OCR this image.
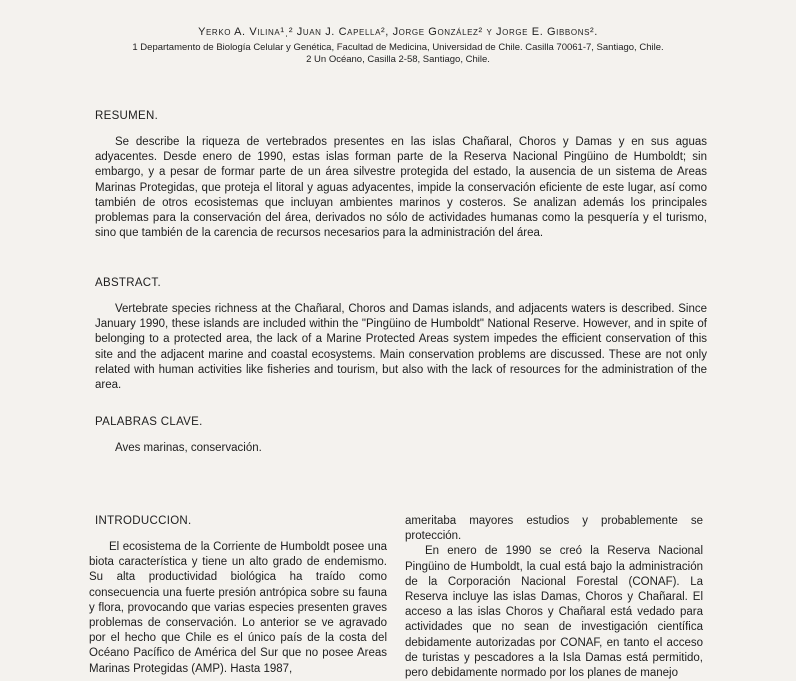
Yerko A. Vilina¹ˌ² Juan J. Capella², Jorge González² y Jorge E. Gibbons².
1 Departamento de Biología Celular y Genética, Facultad de Medicina, Universidad de Chile. Casilla 70061-7, Santiago, Chile.
2 Un Océano, Casilla 2-58, Santiago, Chile.
RESUMEN.
Se describe la riqueza de vertebrados presentes en las islas Chañaral, Choros y Damas y en sus aguas adyacentes. Desde enero de 1990, estas islas forman parte de la Reserva Nacional Pingüino de Humboldt; sin embargo, y a pesar de formar parte de un área silvestre protegida del estado, la ausencia de un sistema de Areas Marinas Protegidas, que proteja el litoral y aguas adyacentes, impide la conservación eficiente de este lugar, así como también de otros ecosistemas que incluyan ambientes marinos y costeros. Se analizan además los principales problemas para la conservación del área, derivados no sólo de actividades humanas como la pesquería y el turismo, sino que también de la carencia de recursos necesarios para la administración del área.
ABSTRACT.
Vertebrate species richness at the Chañaral, Choros and Damas islands, and adjacents waters is described. Since January 1990, these islands are included within the "Pingüino de Humboldt" National Reserve. However, and in spite of belonging to a protected area, the lack of a Marine Protected Areas system impedes the efficient conservation of this site and the adjacent marine and coastal ecosystems. Main conservation problems are discussed. These are not only related with human activities like fisheries and tourism, but also with the lack of resources for the administration of the area.
PALABRAS CLAVE.
Aves marinas, conservación.
INTRODUCCION.

El ecosistema de la Corriente de Humboldt posee una biota característica y tiene un alto grado de endemismo. Su alta productividad biológica ha traído como consecuencia una fuerte presión antrópica sobre su fauna y flora, provocando que varias especies presenten graves problemas de conservación. Lo anterior se ve agravado por el hecho que Chile es el único país de la costa del Océano Pacífico de América del Sur que no posee Areas Marinas Protegidas (AMP). Hasta 1987,

ameritaba mayores estudios y probablemente se protección.

En enero de 1990 se creó la Reserva Nacional Pingüino de Humboldt, la cual está bajo la administración de la Corporación Nacional Forestal (CONAF). La Reserva incluye las islas Damas, Choros y Chañaral. El acceso a las islas Choros y Chañaral está vedado para actividades que no sean de investigación científica debidamente autorizadas por CONAF, en tanto el acceso de turistas y pescadores a la Isla Damas está permitido, pero debidamente normado por los planes de manejo
